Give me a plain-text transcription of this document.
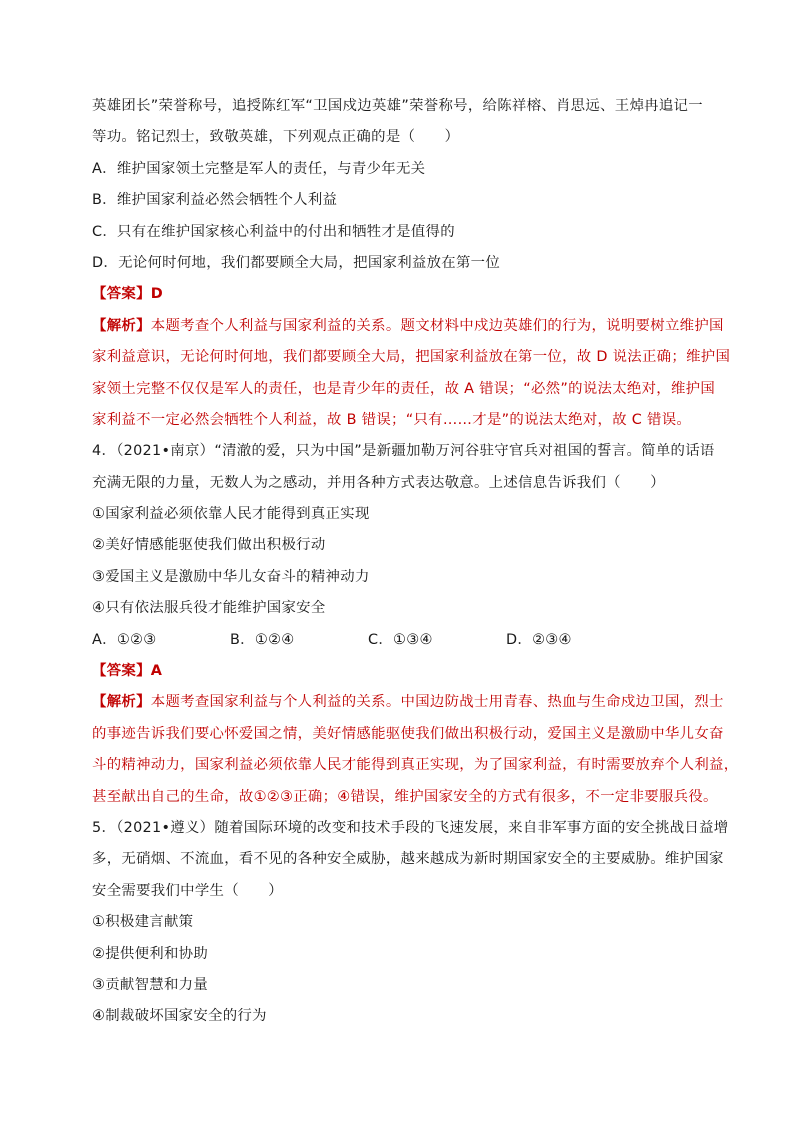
英雄团长”荣誉称号，追授陈红军“卫国戍边英雄”荣誉称号，给陈祥榕、肖思远、王焯冉追记一
等功。铭记烈士，致敬英雄，下列观点正确的是（　　）
A．维护国家领土完整是军人的责任，与青少年无关
B．维护国家利益必然会牺牲个人利益
C．只有在维护国家核心利益中的付出和牺牲才是值得的
D．无论何时何地，我们都要顾全大局，把国家利益放在第一位
【答案】D
【解析】本题考查个人利益与国家利益的关系。题文材料中戍边英雄们的行为，说明要树立维护国
家利益意识，无论何时何地，我们都要顾全大局，把国家利益放在第一位，故 D 说法正确；维护国
家领土完整不仅仅是军人的责任，也是青少年的责任，故 A 错误；“必然”的说法太绝对，维护国
家利益不一定必然会牺牲个人利益，故 B 错误；“只有……才是”的说法太绝对，故 C 错误。
4．（2021•南京）“清澈的爱，只为中国”是新疆加勒万河谷驻守官兵对祖国的誓言。简单的话语
充满无限的力量，无数人为之感动，并用各种方式表达敬意。上述信息告诉我们（　　）
①国家利益必须依靠人民才能得到真正实现
②美好情感能驱使我们做出积极行动
③爱国主义是激励中华儿女奋斗的精神动力
④只有依法服兵役才能维护国家安全
A．①②③	B．①②④	C．①③④	D．②③④
【答案】A
【解析】本题考查国家利益与个人利益的关系。中国边防战士用青春、热血与生命戍边卫国，烈士
的事迹告诉我们要心怀爱国之情，美好情感能驱使我们做出积极行动，爱国主义是激励中华儿女奋
斗的精神动力，国家利益必须依靠人民才能得到真正实现，为了国家利益，有时需要放弃个人利益，
甚至献出自己的生命，故①②③正确；④错误，维护国家安全的方式有很多，不一定非要服兵役。
5．（2021•遵义）随着国际环境的改变和技术手段的飞速发展，来自非军事方面的安全挑战日益增
多，无硝烟、不流血，看不见的各种安全威胁，越来越成为新时期国家安全的主要威胁。维护国家
安全需要我们中学生（　　）
①积极建言献策
②提供便利和协助
③贡献智慧和力量
④制裁破坏国家安全的行为
